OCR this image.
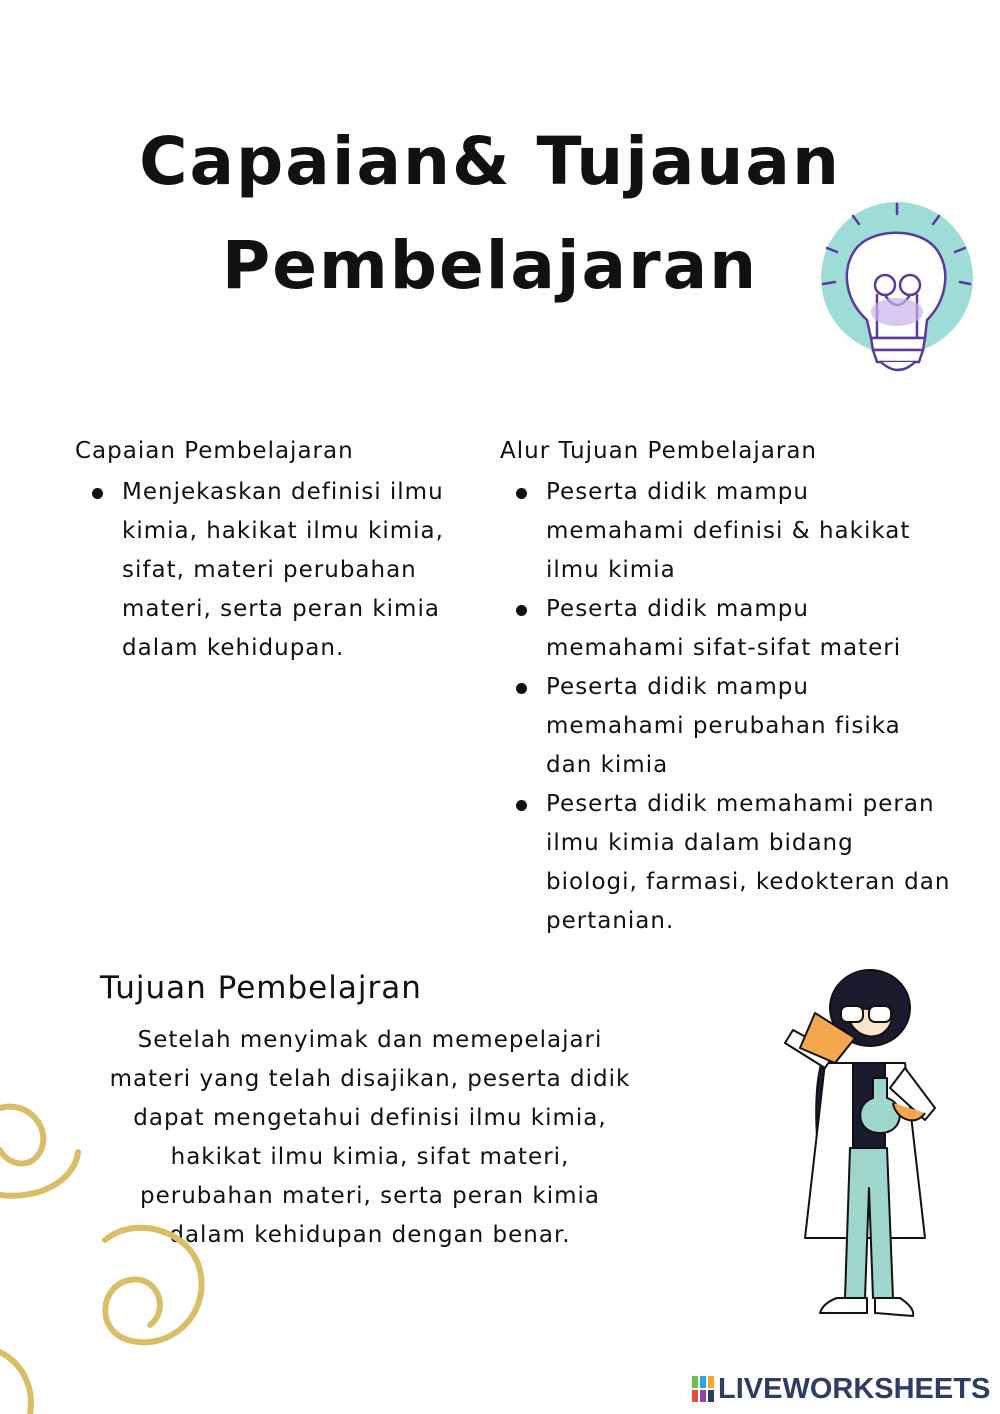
Capaian& Tujauan Pembelajaran
Capaian Pembelajaran
Menjekaskan definisi ilmu kimia, hakikat ilmu kimia, sifat, materi perubahan materi, serta peran kimia dalam kehidupan.
Alur Tujuan Pembelajaran
Peserta didik mampu memahami definisi & hakikat ilmu kimia
Peserta didik mampu memahami sifat-sifat materi
Peserta didik mampu memahami perubahan fisika dan kimia
Peserta didik memahami peran ilmu kimia dalam bidang biologi, farmasi, kedokteran dan pertanian.
Tujuan Pembelajran

Setelah menyimak dan memepelajari materi yang telah disajikan, peserta didik dapat mengetahui definisi ilmu kimia, hakikat ilmu kimia, sifat materi, perubahan materi, serta peran kimia dalam kehidupan dengan benar.

LIVEWORKSHEETS
